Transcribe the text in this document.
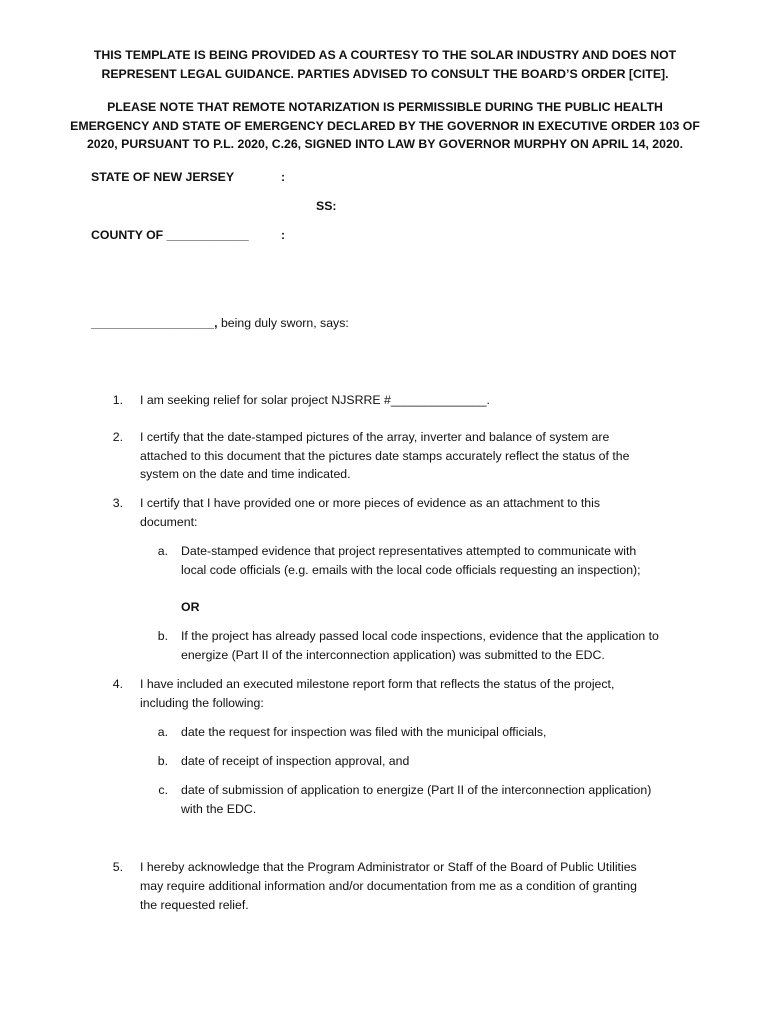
THIS TEMPLATE IS BEING PROVIDED AS A COURTESY TO THE SOLAR INDUSTRY AND DOES NOT
REPRESENT LEGAL GUIDANCE. PARTIES ADVISED TO CONSULT THE BOARD’S ORDER [CITE].
PLEASE NOTE THAT REMOTE NOTARIZATION IS PERMISSIBLE DURING THE PUBLIC HEALTH
EMERGENCY AND STATE OF EMERGENCY DECLARED BY THE GOVERNOR IN EXECUTIVE ORDER 103 OF
2020, PURSUANT TO P.L. 2020, C.26, SIGNED INTO LAW BY GOVERNOR MURPHY ON APRIL 14, 2020.
STATE OF NEW JERSEY	:
SS:
COUNTY OF ____________	:
__________________, being duly sworn, says:
1. I am seeking relief for solar project NJSRRE #______________.
2. I certify that the date-stamped pictures of the array, inverter and balance of system are
attached to this document that the pictures date stamps accurately reflect the status of the
system on the date and time indicated.
3. I certify that I have provided one or more pieces of evidence as an attachment to this
document:
a. Date-stamped evidence that project representatives attempted to communicate with
local code officials (e.g. emails with the local code officials requesting an inspection);
OR
b. If the project has already passed local code inspections, evidence that the application to
energize (Part II of the interconnection application) was submitted to the EDC.
4. I have included an executed milestone report form that reflects the status of the project,
including the following:
a. date the request for inspection was filed with the municipal officials,
b. date of receipt of inspection approval, and
c. date of submission of application to energize (Part II of the interconnection application)
with the EDC.
5. I hereby acknowledge that the Program Administrator or Staff of the Board of Public Utilities
may require additional information and/or documentation from me as a condition of granting
the requested relief.
